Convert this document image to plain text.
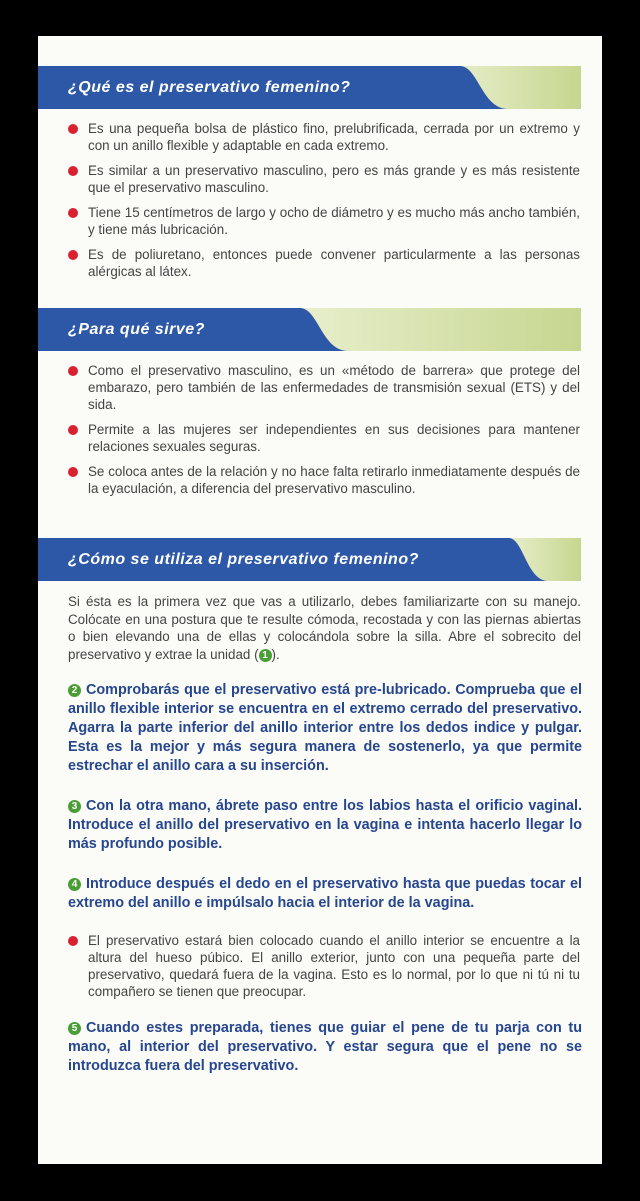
¿Qué es el preservativo femenino?
Es una pequeña bolsa de plástico fino, prelubrificada, cerrada por un extremo y con un anillo flexible y adaptable en cada extremo.
Es similar a un preservativo masculino, pero es más grande y es más resistente que el preservativo masculino.
Tiene 15 centímetros de largo y ocho de diámetro y es mucho más ancho también, y tiene más lubricación.
Es de poliuretano, entonces puede convener particularmente a las personas alérgicas al látex.
¿Para qué sirve?
Como el preservativo masculino, es un «método de barrera» que protege del embarazo, pero también de las enfermedades de transmisión sexual (ETS) y del sida.
Permite a las mujeres ser independientes en sus decisiones para mantener relaciones sexuales seguras.
Se coloca antes de la relación y no hace falta retirarlo inmediatamente después de la eyaculación, a diferencia del preservativo masculino.
¿Cómo se utiliza el preservativo femenino?

Si ésta es la primera vez que vas a utilizarlo, debes familiarizarte con su manejo. Colócate en una postura que te resulte cómoda, recostada y con las piernas abiertas o bien elevando una de ellas y colocándola sobre la silla. Abre el sobrecito del preservativo y extrae la unidad ( 1 ).

2 Comprobarás que el preservativo está pre-lubricado. Comprueba que el anillo flexible interior se encuentra en el extremo cerrado del preservativo. Agarra la parte inferior del anillo interior entre los dedos indice y pulgar. Esta es la mejor y más segura manera de sostenerlo, ya que permite estrechar el anillo cara a su inserción.

3 Con la otra mano, ábrete paso entre los labios hasta el orificio vaginal. Introduce el anillo del preservativo en la vagina e intenta hacerlo llegar lo más profundo posible.

4 Introduce después el dedo en el preservativo hasta que puedas tocar el extremo del anillo e impúlsalo hacia el interior de la vagina.

El preservativo estará bien colocado cuando el anillo interior se encuentre a la altura del hueso púbico. El anillo exterior, junto con una pequeña parte del preservativo, quedará fuera de la vagina. Esto es lo normal, por lo que ni tú ni tu compañero se tienen que preocupar.

5 Cuando estes preparada, tienes que guiar el pene de tu parja con tu mano, al interior del preservativo. Y estar segura que el pene no se introduzca fuera del preservativo.
